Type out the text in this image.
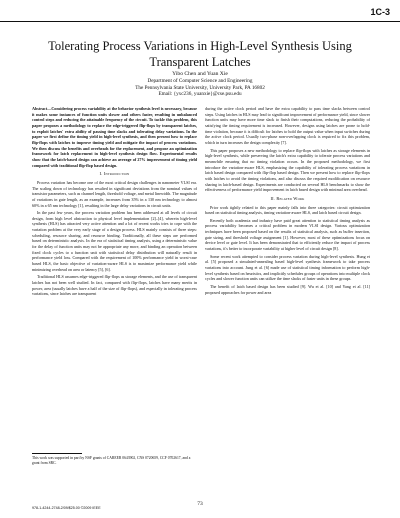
1C-3
Tolerating Process Variations in High-Level Synthesis Using
Transparent Latches
Yibo Chen and Yuan Xie
Department of Computer Science and Engineering
The Pennsylvania State University, University Park, PA 16802
Email: {yxc236, yuanxie}@cse.psu.edu

Abstract—Considering process variability at the behavior synthesis level is necessary, because it makes some instances of function units slower and others faster, resulting in unbalanced control steps and reducing the attainable frequency of the circuit. To tackle this problem, this paper proposes a methodology to replace the edge-triggered flip-flops by transparent latches, to exploit latches' extra ability of passing time slacks and tolerating delay variations. In the paper we first define the timing yield in high-level synthesis, and then present how to replace flip-flops with latches to improve timing yield and mitigate the impact of process variations. We then discuss the benefits and overheads for the replacement, and propose an optimization framework for latch replacement in high-level synthesis design flow. Experimental results show that the latch-based design can achieve an average of 27% improvement of timing yield compared with traditional flip-flop based design.

I. Introduction

Process variation has become one of the most critical design challenges in nanometer VLSI era. The scaling down of technology has resulted in significant deviations from the nominal values of transistor parameters, such as channel length, threshold voltage, and metal linewidth. The magnitude of variations in gate length, as an example, increases from 35% in a 130 nm technology to almost 60% in a 65 nm technology [1], resulting in the large delay variations in circuit units.

In the past few years, the process variation problem has been addressed at all levels of circuit design, from high level abstraction to physical level implementation [2]–[4], wherein high-level synthesis (HLS) has attracted very active attention and a lot of recent works tries to cope with the variation problem at the very early stage of a design process. HLS mainly consists of three steps: scheduling, resource sharing, and resource binding. Traditionally, all these steps are performed based on deterministic analysis. In the era of statistical timing analysis, using a deterministic value for the delay of function units may not be appropriate any more, and binding an operation between fixed clock cycles to a function unit with statistical delay distribution will naturally result in performance yield loss. Compared with the requirement of 100% performance yield in worst-case based HLS, the basic objective of variation-aware HLS is to maximize performance yield while minimizing overhead on area or latency [5], [6].

Traditional HLS assumes edge-triggered flip-flops as storage elements, and the use of transparent latches has not been well studied. In fact, compared with flip-flops, latches have many merits in power, area (usually latches have a half of the size of flip-flops), and especially in tolerating process variations, since latches are transparent

during the active clock period and have the extra capability to pass time slacks between control steps. Using latches in HLS may lead to significant improvement of performance yield, since slower function units may have more time slack to finish their computations, reducing the probability of satisfying the timing requirement is increased. However, designs using latches are prone to hold-time violation, because it is difficult for latches to hold the output value when input switches during the active clock period. Usually two-phase non-overlapping clock is required to fix this problem, which in turn increases the design complexity [7].

This paper proposes a new methodology to replace flip-flops with latches as storage elements in high-level synthesis, while preserving the latch's extra capability to tolerate process variations and meanwhile ensuring that no timing violation occurs. In the proposed methodology, we first introduce the variation-aware HLS, emphasizing the capability of tolerating process variations in latch based design compared with flip-flop based design. Then we present how to replace flip-flops with latches to avoid the timing violations, and also discuss the required modification on resource sharing in latch-based design. Experiments are conducted on several HLS benchmarks to show the effectiveness of performance yield improvement in latch based design with minimal area overhead.

II. Related Work

Prior work tightly related to this paper mainly falls into three categories: circuit optimization based on statistical timing analysis, timing variation-aware HLS, and latch based circuit design.

Recently both academia and industry have paid great attention to statistical timing analysis as process variability becomes a critical problem in modern VLSI design. Various optimization techniques have been proposed based on the results of statistical analysis, such as buffer insertion, gate sizing, and threshold voltage assignment [1]. However, most of these optimizations focus on device level or gate level. It has been demonstrated that to efficiently reduce the impact of process variations, it's better to incorporate variability at higher level of circuit design [8].

Some recent work attempted to consider process variation during high-level synthesis. Hung et al. [5] proposed a simulated-annealing based high-level synthesis framework to take process variations into account. Jung et al. [6] made use of statistical timing information to perform high-level synthesis based on heuristics, and implicitly schedules groups of operations into multiple clock cycles and slower function units can utilize the time slacks of faster units in these groups.

The benefit of latch based design has been studied [9]. Wu et al. [10] and Yang et al. [11] proposed approaches for power and area

This work was supported in part by NSF grants of CAREER 0643902, CNS 0720659, CCF 0702617, and a grant from SRC.
73
978-1-4244-2748-2/09/$25.00 ©2009 IEEE
